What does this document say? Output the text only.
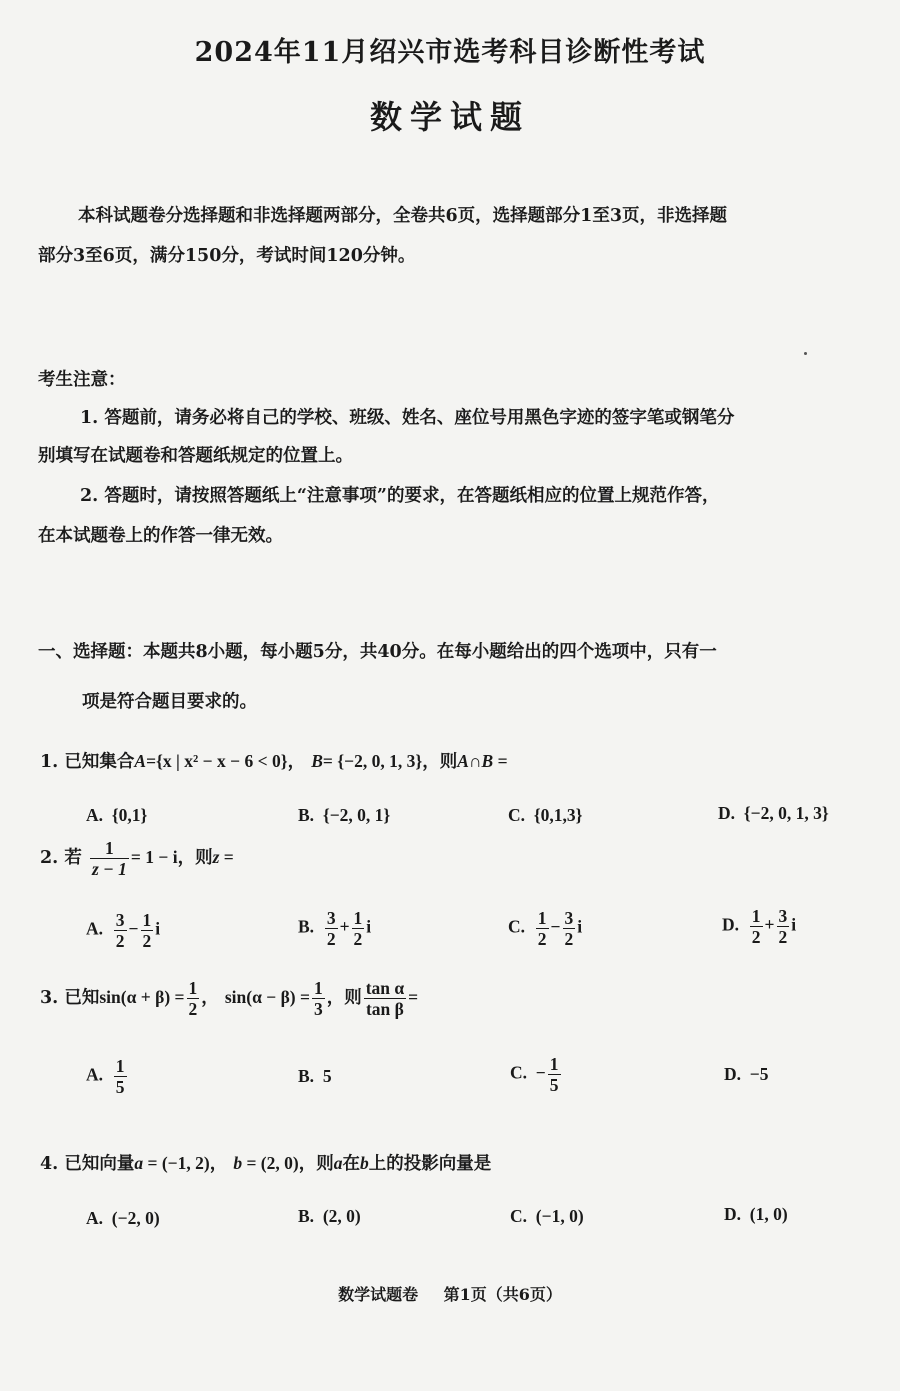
2024年11月绍兴市选考科目诊断性考试
数学试题
本科试题卷分选择题和非选择题两部分，全卷共6页，选择题部分1至3页，非选择题
部分3至6页，满分150分，考试时间120分钟。
考生注意：
1. 答题前，请务必将自己的学校、班级、姓名、座位号用黑色字迹的签字笔或钢笔分
别填写在试题卷和答题纸规定的位置上。
2. 答题时，请按照答题纸上“注意事项”的要求，在答题纸相应的位置上规范作答，
在本试题卷上的作答一律无效。
一、选择题：本题共8小题，每小题5分，共40分。在每小题给出的四个选项中，只有一
项是符合题目要求的。
1. 已知集合A={x | x² − x − 6 < 0}， B= {−2, 0, 1, 3}，则A∩B =
A. {0,1}	B. {−2, 0, 1}	C. {0,1,3}	D. {−2, 0, 1, 3}
2. 若 $\frac{1}{z - 1} = 1 - i$，则z =
A. $\frac{3}{2} - \frac{1}{2}$ i	B. $\frac{3}{2} + \frac{1}{2}$ i	C. $\frac{1}{2} - \frac{3}{2}$ i	D. $\frac{1}{2} + \frac{3}{2}$ i
3. 已知$\sin(\alpha + \beta) = \frac{1}{2}$ ， $\sin(\alpha - \beta) = \frac{1}{3}$ ，则 $\frac{\text{tan α}}{\text{tan β}}$ =
A. $\frac{1}{5}$	B. 5	C. − $\frac{1}{5}$	D. −5
4. 已知向量a = (−1, 2)， b = (2, 0)，则a在b上的投影向量是
A. (−2, 0)	B. (2, 0)	C. (−1, 0)	D. (1, 0)
数学试题卷 第1页（共6页）
